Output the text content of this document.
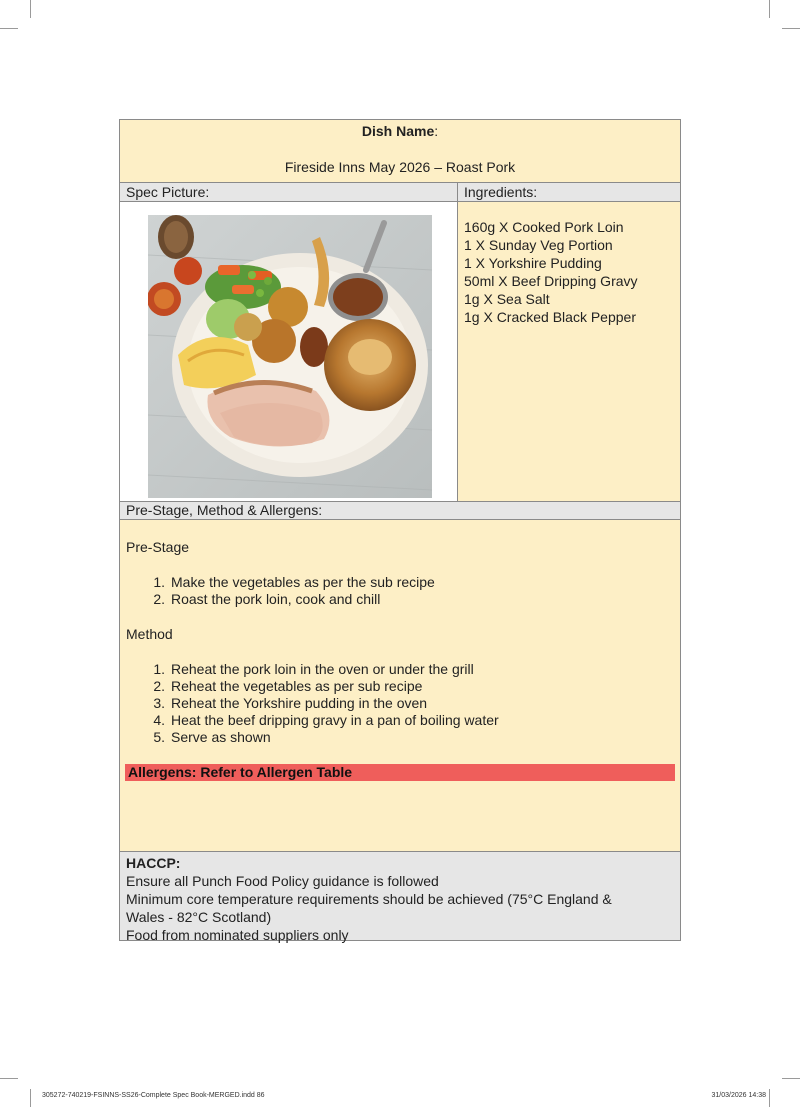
Dish Name:
Fireside Inns May 2026 – Roast Pork
Spec Picture:	Ingredients:
160g X Cooked Pork Loin
1 X Sunday Veg Portion
1 X Yorkshire Pudding
50ml X Beef Dripping Gravy
1g X Sea Salt
1g X Cracked Black Pepper
Pre-Stage, Method & Allergens:
Pre-Stage
1. Make the vegetables as per the sub recipe
2. Roast the pork loin, cook and chill
Method
1. Reheat the pork loin in the oven or under the grill
2. Reheat the vegetables as per sub recipe
3. Reheat the Yorkshire pudding in the oven
4. Heat the beef dripping gravy in a pan of boiling water
5. Serve as shown
Allergens: Refer to Allergen Table
HACCP:
Ensure all Punch Food Policy guidance is followed
Minimum core temperature requirements should be achieved (75°C England &
Wales - 82°C Scotland)
Food from nominated suppliers only
305272-740219-FSINNS-SS26-Complete Spec Book-MERGED.indd 86	31/03/2026 14:38
